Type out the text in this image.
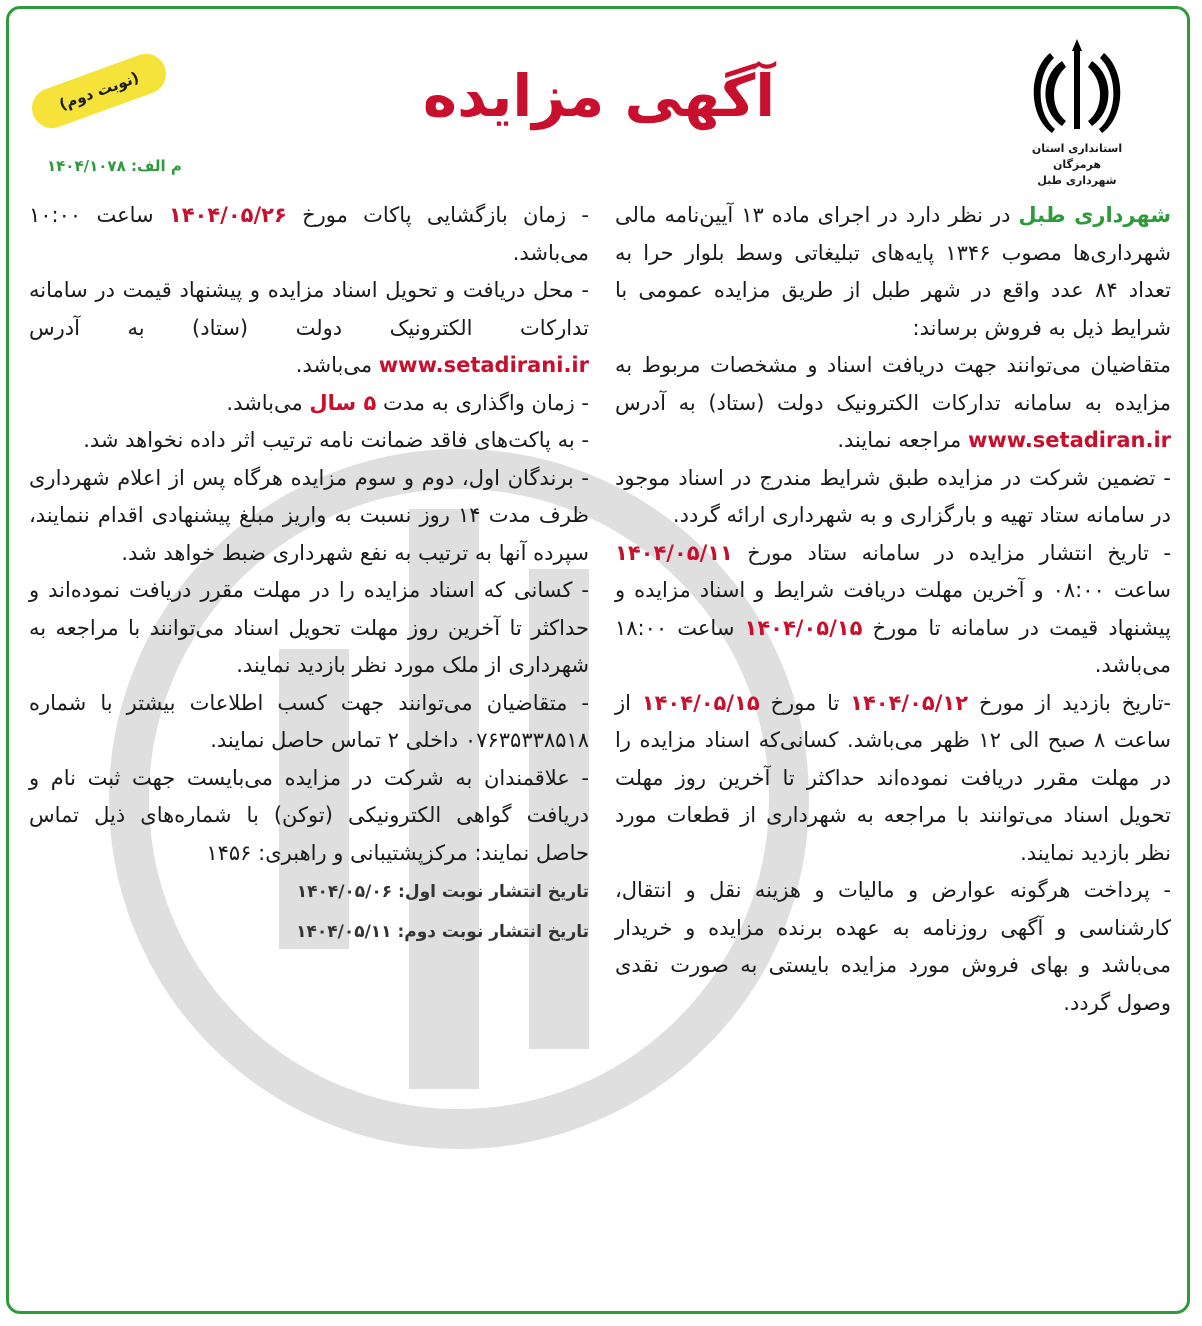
استانداری استان هرمزگان
شهرداری طبل
آگهی مزایده
(نوبت دوم)
م الف: ۱۴۰۴/۱۰۷۸

شهرداری طبل در نظر دارد در اجرای ماده ۱۳ آیین‌نامه مالی شهرداری‌ها مصوب ۱۳۴۶ پایه‌های تبلیغاتی وسط بلوار حرا به تعداد ۸۴ عدد واقع در شهر طبل از طریق مزایده عمومی با شرایط ذیل به فروش برساند:

متقاضیان می‌توانند جهت دریافت اسناد و مشخصات مربوط به مزایده به سامانه تدارکات الکترونیک دولت (ستاد) به آدرس www.setadiran.ir مراجعه نمایند.

- تضمین شرکت در مزایده طبق شرایط مندرج در اسناد موجود در سامانه ستاد تهیه و بارگزاری و به شهرداری ارائه گردد.

- تاریخ انتشار مزایده در سامانه ستاد مورخ ۱۴۰۴/۰۵/۱۱ ساعت ۰۸:۰۰ و آخرین مهلت دریافت شرایط و اسناد مزایده و پیشنهاد قیمت در سامانه تا مورخ ۱۴۰۴/۰۵/۱۵ ساعت ۱۸:۰۰ می‌باشد.

-تاریخ بازدید از مورخ ۱۴۰۴/۰۵/۱۲ تا مورخ ۱۴۰۴/۰۵/۱۵ از ساعت ۸ صبح الی ۱۲ ظهر می‌باشد. کسانی‌که اسناد مزایده را در مهلت مقرر دریافت نموده‌اند حداکثر تا آخرین روز مهلت تحویل اسناد می‌توانند با مراجعه به شهرداری از قطعات مورد نظر بازدید نمایند.

- پرداخت هرگونه عوارض و مالیات و هزینه نقل و انتقال، کارشناسی و آگهی روزنامه به عهده برنده مزایده و خریدار می‌باشد و بهای فروش مورد مزایده بایستی به صورت نقدی وصول گردد.

- زمان بازگشایی پاکات مورخ ۱۴۰۴/۰۵/۲۶ ساعت ۱۰:۰۰ می‌باشد.

- محل دریافت و تحویل اسناد مزایده و پیشنهاد قیمت در سامانه تدارکات الکترونیک دولت (ستاد) به آدرس www.setadirani.ir می‌باشد.

- زمان واگذاری به مدت ۵ سال می‌باشد.

- به پاکت‌های فاقد ضمانت نامه ترتیب اثر داده نخواهد شد.

- برندگان اول، دوم و سوم مزایده هرگاه پس از اعلام شهرداری ظرف مدت ۱۴ روز نسبت به واریز مبلغ پیشنهادی اقدام ننمایند، سپرده آنها به ترتیب به نفع شهرداری ضبط خواهد شد.

- کسانی که اسناد مزایده را در مهلت مقرر دریافت نموده‌اند و حداکثر تا آخرین روز مهلت تحویل اسناد می‌توانند با مراجعه به شهرداری از ملک مورد نظر بازدید نمایند.

- متقاضیان می‌توانند جهت کسب اطلاعات بیشتر با شماره ۰۷۶۳۵۳۳۸۵۱۸ داخلی ۲ تماس حاصل نمایند.

- علاقمندان به شرکت در مزایده می‌بایست جهت ثبت نام و دریافت گواهی الکترونیکی (توکن) با شماره‌های ذیل تماس حاصل نمایند: مرکزپشتیبانی و راهبری: ۱۴۵۶

تاریخ انتشار نوبت اول: ۱۴۰۴/۰۵/۰۶

تاریخ انتشار نوبت دوم: ۱۴۰۴/۰۵/۱۱
